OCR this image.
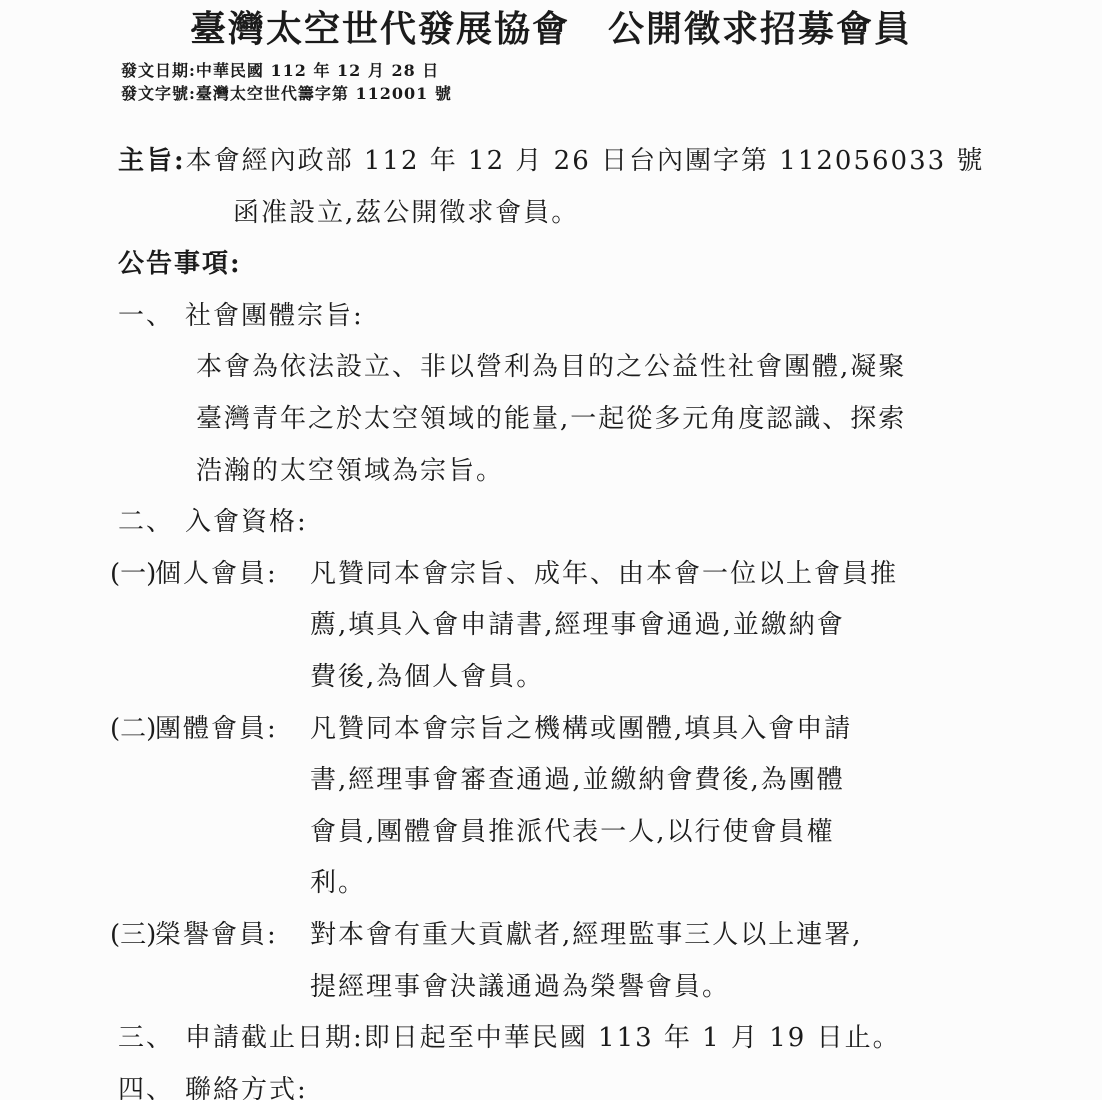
臺灣太空世代發展協會　公開徵求招募會員
發文日期:中華民國 112 年 12 月 28 日
發文字號:臺灣太空世代籌字第 112001 號
主旨:本會經內政部 112 年 12 月 26 日台內團字第 112056033 號
函准設立,茲公開徵求會員。
公告事項:
一、 社會團體宗旨:
本會為依法設立、非以營利為目的之公益性社會團體,凝聚
臺灣青年之於太空領域的能量,一起從多元角度認識、探索
浩瀚的太空領域為宗旨。
二、 入會資格:
(一)個人會員: 凡贊同本會宗旨、成年、由本會一位以上會員推
薦,填具入會申請書,經理事會通過,並繳納會
費後,為個人會員。
(二)團體會員: 凡贊同本會宗旨之機構或團體,填具入會申請
書,經理事會審查通過,並繳納會費後,為團體
會員,團體會員推派代表一人,以行使會員權
利。
(三)榮譽會員: 對本會有重大貢獻者,經理監事三人以上連署,
提經理事會決議通過為榮譽會員。
三、 申請截止日期:即日起至中華民國 113 年 1 月 19 日止。
四、 聯絡方式:
